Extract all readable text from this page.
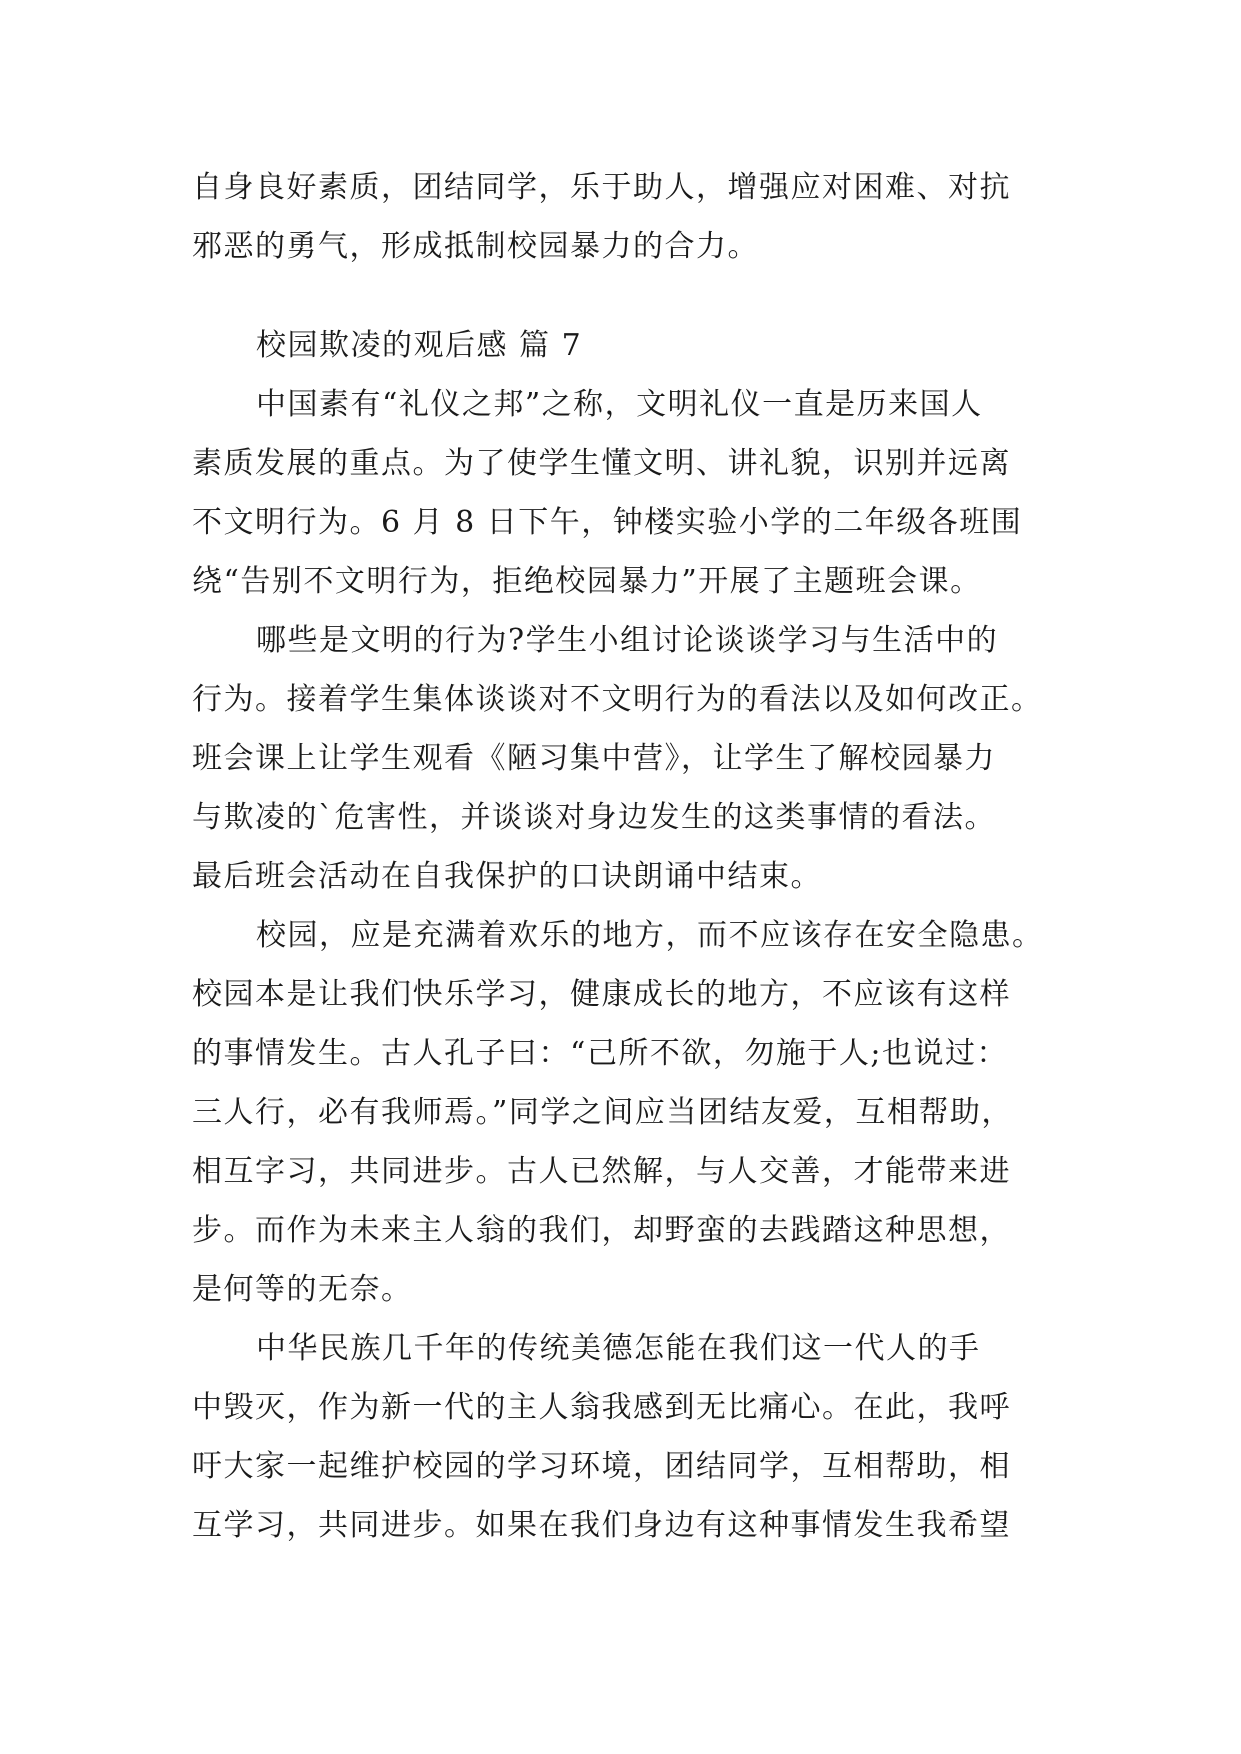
自身良好素质，团结同学，乐于助人，增强应对困难、对抗
邪恶的勇气，形成抵制校园暴力的合力。
校园欺凌的观后感 篇 7
中国素有“礼仪之邦”之称，文明礼仪一直是历来国人
素质发展的重点。为了使学生懂文明、讲礼貌，识别并远离
不文明行为。6 月 8 日下午，钟楼实验小学的二年级各班围
绕“告别不文明行为，拒绝校园暴力”开展了主题班会课。
哪些是文明的行为?学生小组讨论谈谈学习与生活中的
行为。接着学生集体谈谈对不文明行为的看法以及如何改正。
班会课上让学生观看《陋习集中营》，让学生了解校园暴力
与欺凌的`危害性，并谈谈对身边发生的这类事情的看法。
最后班会活动在自我保护的口诀朗诵中结束。
校园，应是充满着欢乐的地方，而不应该存在安全隐患。
校园本是让我们快乐学习，健康成长的地方，不应该有这样
的事情发生。古人孔子曰：“己所不欲，勿施于人;也说过：
三人行，必有我师焉。”同学之间应当团结友爱，互相帮助，
相互字习，共同进步。古人已然解，与人交善，才能带来进
步。而作为未来主人翁的我们，却野蛮的去践踏这种思想，
是何等的无奈。
中华民族几千年的传统美德怎能在我们这一代人的手
中毁灭，作为新一代的主人翁我感到无比痛心。在此，我呼
吁大家一起维护校园的学习环境，团结同学，互相帮助，相
互学习，共同进步。如果在我们身边有这种事情发生我希望
